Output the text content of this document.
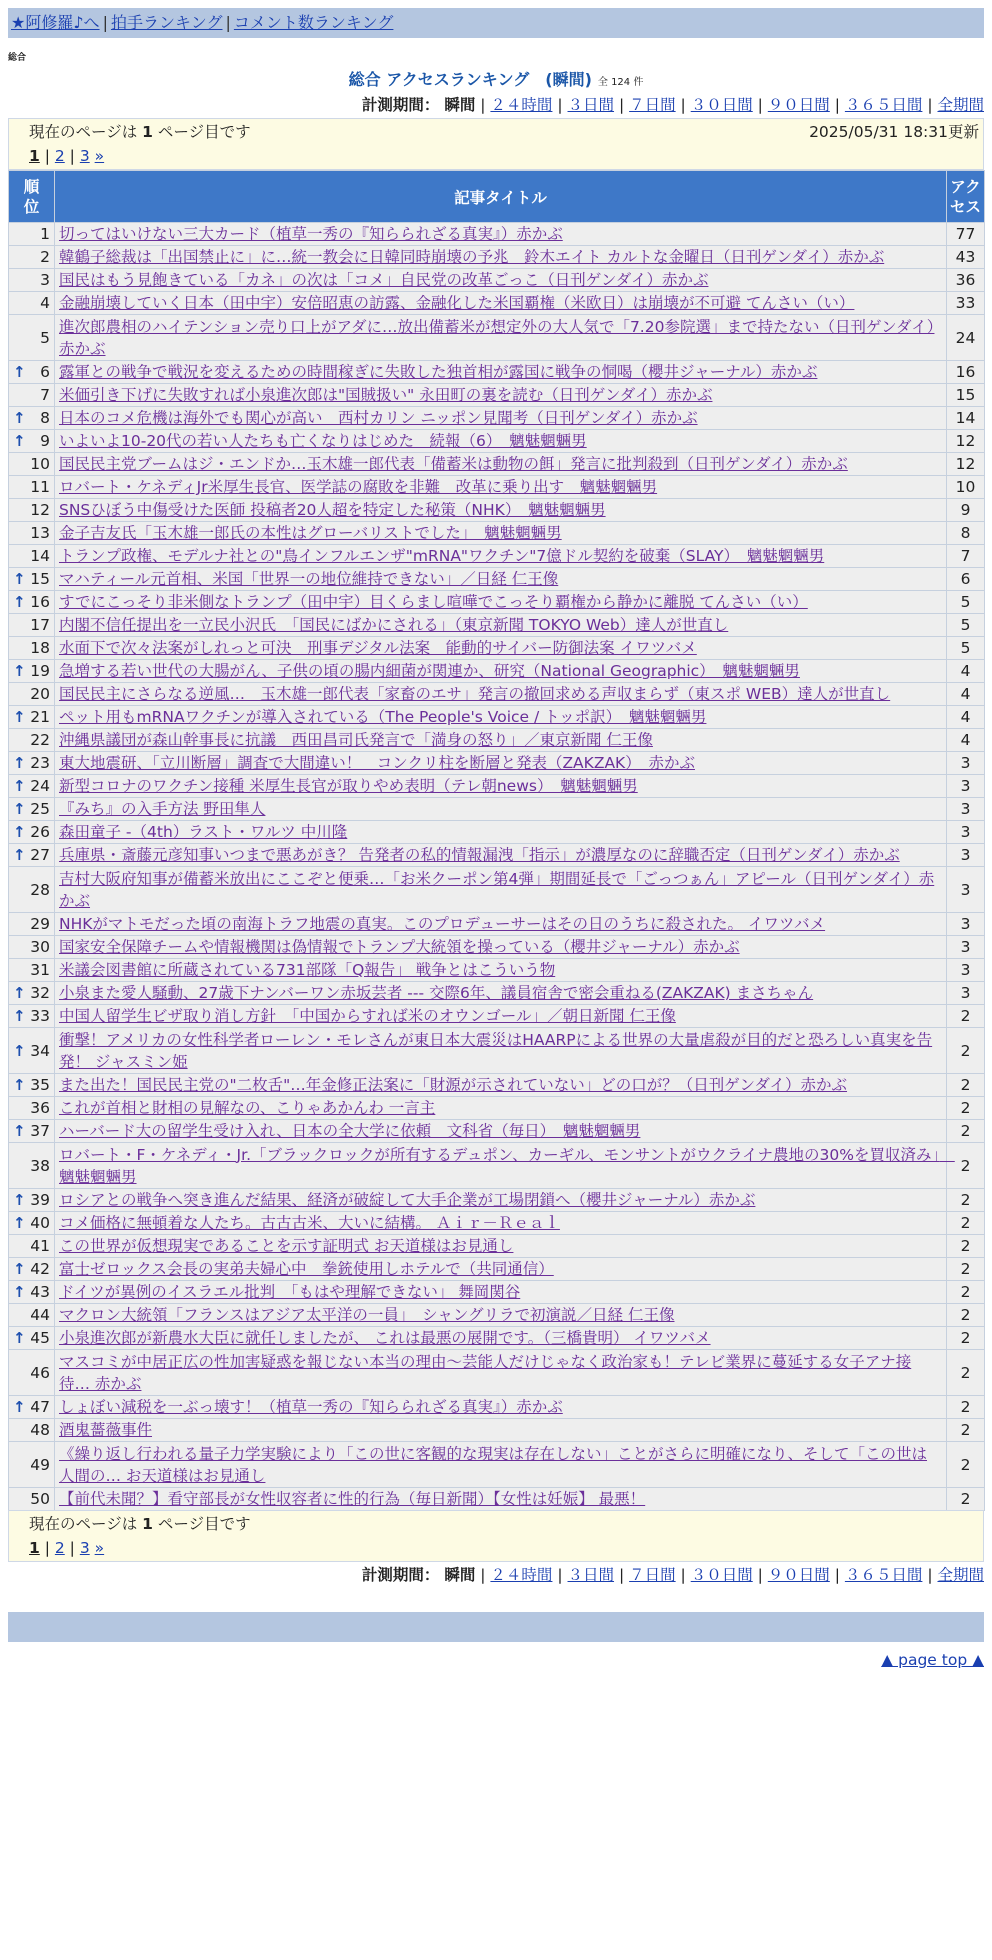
★阿修羅♪へ | 拍手ランキング | コメント数ランキング
総合
総合 アクセスランキング　(瞬間) 全 124 件
計測期間： 瞬間 | ２４時間 | ３日間 | ７日間 | ３０日間 | ９０日間 | ３６５日間 | 全期間
現在のページは 1 ページ目です	2025/05/31 18:31更新
1 | 2 | 3 »
順位	記事タイトル	アクセス
1	切ってはいけない三大カード（植草一秀の『知らられざる真実』）赤かぶ	77
2	韓鶴子総裁は「出国禁止に」に…統一教会に日韓同時崩壊の予兆　鈴木エイト カルトな金曜日（日刊ゲンダイ）赤かぶ	43
3	国民はもう見飽きている「カネ」の次は「コメ」自民党の改革ごっこ（日刊ゲンダイ）赤かぶ	36
4	金融崩壊していく日本（田中宇）安倍昭恵の訪露、金融化した米国覇権（米欧日）は崩壊が不可避 てんさい（い）	33
5	進次郎農相のハイテンション売り口上がアダに…放出備蓄米が想定外の大人気で「7.20参院選」まで持たない（日刊ゲンダイ）赤かぶ	24

↑ 6	露軍との戦争で戦況を変えるための時間稼ぎに失敗した独首相が露国に戦争の恫喝（櫻井ジャーナル）赤かぶ	16
7	米価引き下げに失敗すれば小泉進次郎は"国賊扱い" 永田町の裏を読む（日刊ゲンダイ）赤かぶ	15

↑ 8	日本のコメ危機は海外でも関心が高い　西村カリン ニッポン見聞考（日刊ゲンダイ）赤かぶ	14

↑ 9	いよいよ10-20代の若い人たちも亡くなりはじめた　続報（6）　魑魅魍魎男	12
10	国民民主党ブームはジ・エンドか…玉木雄一郎代表「備蓄米は動物の餌」発言に批判殺到（日刊ゲンダイ）赤かぶ	12
11	ロバート・ケネディJr米厚生長官、医学誌の腐敗を非難　改革に乗り出す　魑魅魍魎男	10
12	SNSひぼう中傷受けた医師 投稿者20人超を特定した秘策（NHK）　魑魅魍魎男	9
13	金子吉友氏「玉木雄一郎氏の本性はグローバリストでした」　魑魅魍魎男	8
14	トランプ政権、モデルナ社との"鳥インフルエンザ"mRNA"ワクチン"7億ドル契約を破棄（SLAY）　魑魅魍魎男	7

↑ 15	マハティール元首相、米国「世界一の地位維持できない」／日経 仁王像	6

↑ 16	すでにこっそり非米側なトランプ（田中宇）目くらまし喧嘩でこっそり覇権から静かに離脱 てんさい（い）	5
17	内閣不信任提出を一立民小沢氏　「国民にばかにされる」（東京新聞 TOKYO Web）達人が世直し	5
18	水面下で次々法案がしれっと可決　刑事デジタル法案　能動的サイバー防御法案 イワツバメ	5

↑ 19	急増する若い世代の大腸がん、子供の頃の腸内細菌が関連か、研究（National Geographic）　魑魅魍魎男	4
20	国民民主にさらなる逆風…　玉木雄一郎代表「家畜のエサ」発言の撤回求める声収まらず（東スポ WEB）達人が世直し	4

↑ 21	ペット用もmRNAワクチンが導入されている（The People's Voice / トッポ訳）　魑魅魍魎男	4
22	沖縄県議団が森山幹事長に抗議　西田昌司氏発言で「満身の怒り」／東京新聞 仁王像	4

↑ 23	東大地震研、「立川断層」調査で大間違い！　コンクリ柱を断層と発表（ZAKZAK）　赤かぶ	3

↑ 24	新型コロナのワクチン接種 米厚生長官が取りやめ表明（テレ朝news）　魑魅魍魎男	3

↑ 25	『みち』の入手方法 野田隼人	3

↑ 26	森田童子 -（4th）ラスト・ワルツ 中川隆	3

↑ 27	兵庫県・斎藤元彦知事いつまで悪あがき？ 告発者の私的情報漏洩「指示」が濃厚なのに辞職否定（日刊ゲンダイ）赤かぶ	3
28	吉村大阪府知事が備蓄米放出にここぞと便乗…「お米クーポン第4弾」期間延長で「ごっつぁん」アピール（日刊ゲンダイ）赤かぶ	3
29	NHKがマトモだった頃の南海トラフ地震の真実。このプロデューサーはその日のうちに殺された。 イワツバメ	3
30	国家安全保障チームや情報機関は偽情報でトランプ大統領を操っている（櫻井ジャーナル）赤かぶ	3
31	米議会図書館に所蔵されている731部隊「Q報告」 戦争とはこういう物	3

↑ 32	小泉また愛人騒動、27歳下ナンバーワン赤坂芸者 --- 交際6年、議員宿舎で密会重ねる(ZAKZAK) まさちゃん	3

↑ 33	中国人留学生ビザ取り消し方針　「中国からすれば米のオウンゴール」／朝日新聞 仁王像	2

↑ 34	衝撃！アメリカの女性科学者ローレン・モレさんが東日本大震災はHAARPによる世界の大量虐殺が目的だと恐ろしい真実を告発！ ジャスミン姫	2

↑ 35	また出た！国民民主党の"二枚舌"…年金修正法案に「財源が示されていない」どの口が？（日刊ゲンダイ）赤かぶ	2
36	これが首相と財相の見解なの、こりゃあかんわ 一言主	2

↑ 37	ハーバード大の留学生受け入れ、日本の全大学に依頼　文科省（毎日）　魑魅魍魎男	2
38	ロバート・F・ケネディ・Jr.「ブラックロックが所有するデュポン、カーギル、モンサントがウクライナ農地の30%を買収済み」　魑魅魍魎男	2

↑ 39	ロシアとの戦争へ突き進んだ結果、経済が破綻して大手企業が工場閉鎖へ（櫻井ジャーナル）赤かぶ	2

↑ 40	コメ価格に無頓着な人たち。古古古米、大いに結構。 Ａｉｒ－Ｒｅａｌ	2
41	この世界が仮想現実であることを示す証明式 お天道様はお見通し	2

↑ 42	富士ゼロックス会長の実弟夫婦心中　拳銃使用しホテルで（共同通信）	2

↑ 43	ドイツが異例のイスラエル批判　「もはや理解できない」 舞岡関谷	2
44	マクロン大統領「フランスはアジア太平洋の一員」　シャングリラで初演説／日経 仁王像	2

↑ 45	小泉進次郎が新農水大臣に就任しましたが、 これは最悪の展開です。（三橋貴明） イワツバメ	2
46	マスコミが中居正広の性加害疑惑を報じない本当の理由～芸能人だけじゃなく政治家も！テレビ業界に蔓延する女子アナ接待… 赤かぶ	2

↑ 47	しょぼい減税を一ぶっ壊す！（植草一秀の『知らられざる真実』）赤かぶ	2
48	酒鬼薔薇事件	2
49	《繰り返し行われる量子力学実験により「この世に客観的な現実は存在しない」ことがさらに明確になり、そして「この世は人間の… お天道様はお見通し	2
50	【前代未聞？】看守部長が女性収容者に性的行為（毎日新聞）【女性は妊娠】 最悪！	2
現在のページは 1 ページ目です
1 | 2 | 3 »
計測期間： 瞬間 | ２４時間 | ３日間 | ７日間 | ３０日間 | ９０日間 | ３６５日間 | 全期間
▲ page top ▲
